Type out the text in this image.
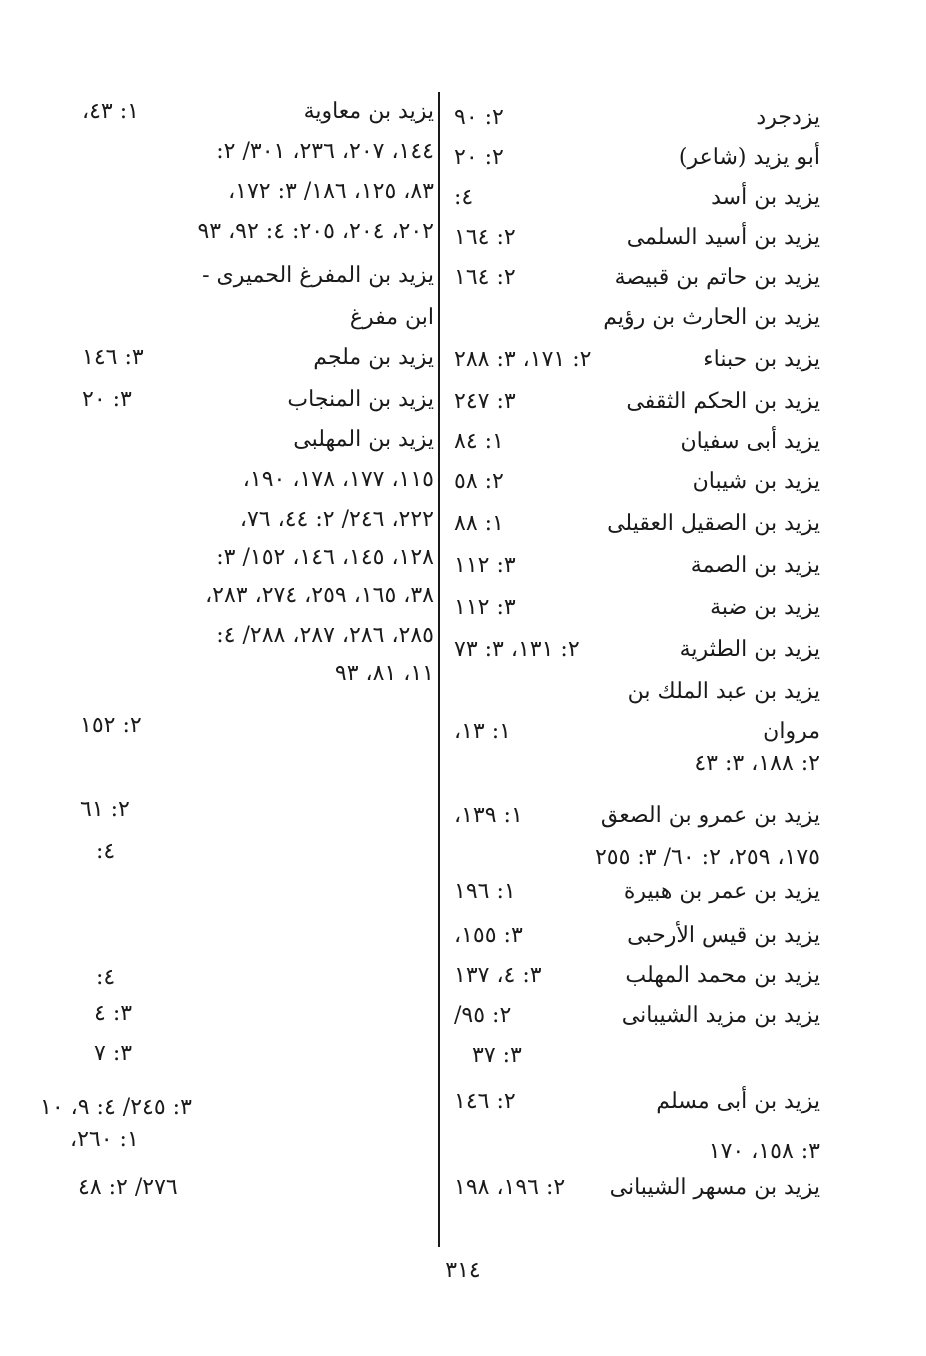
يزدجرد
٢: ٩٠
أبو يزيد (شاعر)
٢: ٢٠
يزيد بن أسد
٤:
يزيد بن أسيد السلمى
٢: ١٦٤
يزيد بن حاتم بن قبيصة
٢: ١٦٤
يزيد بن الحارث بن رؤيم
يزيد بن حبناء
٢: ١٧١، ٣: ٢٨٨
يزيد بن الحكم الثقفى
٣: ٢٤٧
يزيد أبى سفيان
١: ٨٤
يزيد بن شيبان
٢: ٥٨
يزيد بن الصقيل العقيلى
١: ٨٨
يزيد بن الصمة
٣: ١١٢
يزيد بن ضبة
٣: ١١٢
يزيد بن الطثرية
٢: ١٣١، ٣: ٧٣
يزيد بن عبد الملك بن
مروان
١: ١٣،
٢: ١٨٨، ٣: ٤٣
يزيد بن عمرو بن الصعق
١: ١٣٩،
١٧٥، ٢٥٩، ٢: ٦٠/ ٣: ٢٥٥
يزيد بن عمر بن هبيرة
١: ١٩٦
يزيد بن قيس الأرحبى
٣: ١٥٥،
يزيد بن محمد المهلب
٣: ٤، ١٣٧
يزيد بن مزيد الشيبانى
٢: ٩٥/
٣: ٣٧
يزيد بن أبى مسلم
٢: ١٤٦
٣: ١٥٨، ١٧٠
يزيد بن مسهر الشيبانى
٢: ١٩٦، ١٩٨
يزيد بن معاوية
١: ٤٣،
١٤٤، ٢٠٧، ٢٣٦، ٣٠١/ ٢:
٨٣، ١٢٥، ١٨٦/ ٣: ١٧٢،
٢٠٢، ٢٠٤، ٢٠٥: ٤: ٩٢، ٩٣
يزيد بن المفرغ الحميرى -
ابن مفرغ
يزيد بن ملجم
٣: ١٤٦
يزيد بن المنجاب
٣: ٢٠
يزيد بن المهلبى
١١٥، ١٧٧، ١٧٨، ١٩٠،
٢٢٢، ٢٤٦/ ٢: ٤٤، ٧٦،
١٢٨، ١٤٥، ١٤٦، ١٥٢/ ٣:
٣٨، ١٦٥، ٢٥٩، ٢٧٤، ٢٨٣،
٢٨٥، ٢٨٦، ٢٨٧، ٢٨٨/ ٤:
١١، ٨١، ٩٣
٢: ١٥٢
٢: ٦١
٤:
٤:
٣: ٤
٣: ٧
٣: ٢٤٥/ ٤: ٩، ١٠
١: ٢٦٠،
٢٧٦/ ٢: ٤٨
٣١٤
